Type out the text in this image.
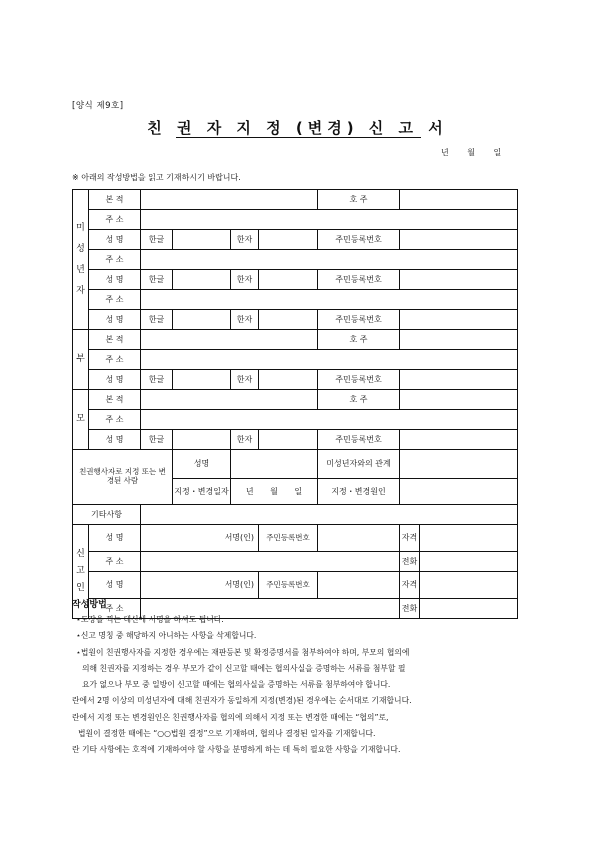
[양식 제9호]
친 권 자 지 정 (변경) 신 고 서
년 월 일
※ 아래의 작성방법을 읽고 기재하시기 바랍니다.
미성년자	본 적					호 주		
	주 소							
	성 명	한글		한자		주민등록번호		
	주 소							
	성 명	한글		한자		주민등록번호		
	주 소							
	성 명	한글		한자		주민등록번호		
부	본 적					호 주		
	주 소							
	성 명	한글		한자		주민등록번호		
모	본 적					호 주		
	주 소							
	성 명	한글		한자		주민등록번호		
친권행사자로 지정 또는 변경된 사람			성명			미성년자와의 관계		
			지정・변경일자	년 월 일		지정・변경원인		
기타사항								

신고인	성 명	서명(인)			주민등록번호		자격	
	주 소						전화	
	성 명	서명(인)			주민등록번호		자격	
	주 소						전화	
작성방법
⋆도장을 찍는 대신에 서명을 하셔도 됩니다.
⋆신고 명칭 중 해당하지 아니하는 사항을 삭제합니다.
⋆법원이 친권행사자를 지정한 경우에는 재판등본 및 확정증명서를 첨부하여야 하며, 부모의 협의에
의해 친권자를 지정하는 경우 부모가 같이 신고할 때에는 협의사실을 증명하는 서류를 첨부할 필
요가 없으나 부모 중 일방이 신고할 때에는 협의사실을 증명하는 서류를 첨부하여야 합니다.
란에서 2명 이상의 미성년자에 대해 친권자가 동일하게 지정(변경)된 경우에는 순서대로 기재합니다.
란에서 지정 또는 변경원인은 친권행사자를 협의에 의해서 지정 또는 변경한 때에는 “협의”로,
법원이 결정한 때에는 “○○법원 결정”으로 기재하며, 협의나 결정된 일자를 기재합니다.
란 기타 사항에는 호적에 기재하여야 할 사항을 분명하게 하는 데 특히 필요한 사항을 기재합니다.
